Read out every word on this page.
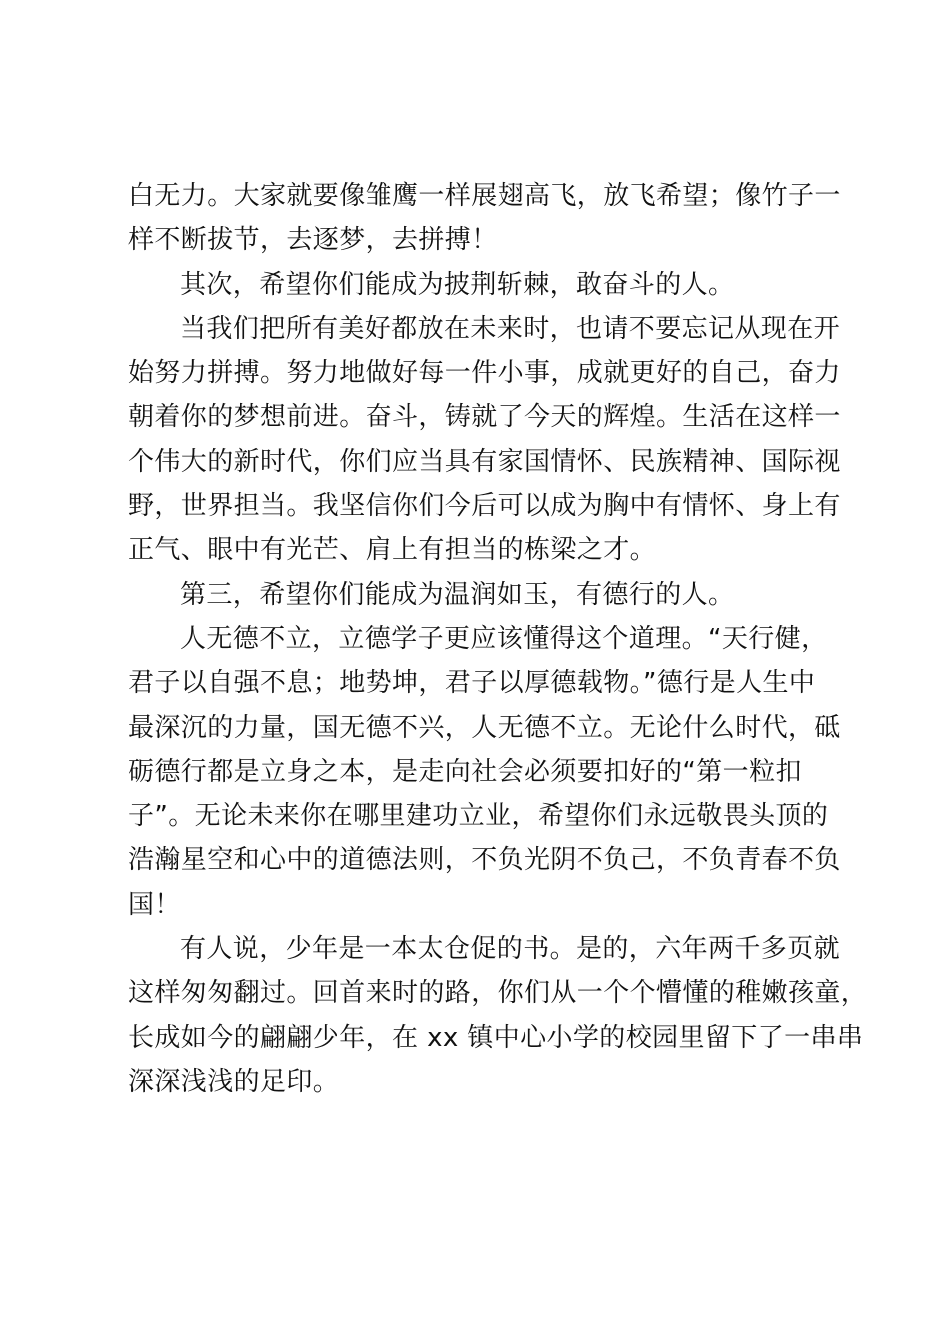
白无力。大家就要像雏鹰一样展翅高飞，放飞希望；像竹子一
样不断拔节，去逐梦，去拼搏！
其次，希望你们能成为披荆斩棘，敢奋斗的人。
当我们把所有美好都放在未来时，也请不要忘记从现在开
始努力拼搏。努力地做好每一件小事，成就更好的自己，奋力
朝着你的梦想前进。奋斗，铸就了今天的辉煌。生活在这样一
个伟大的新时代，你们应当具有家国情怀、民族精神、国际视
野，世界担当。我坚信你们今后可以成为胸中有情怀、身上有
正气、眼中有光芒、肩上有担当的栋梁之才。
第三，希望你们能成为温润如玉，有德行的人。
人无德不立，立德学子更应该懂得这个道理。“天行健，
君子以自强不息；地势坤，君子以厚德载物。”德行是人生中
最深沉的力量，国无德不兴，人无德不立。无论什么时代，砥
砺德行都是立身之本，是走向社会必须要扣好的“第一粒扣
子”。无论未来你在哪里建功立业，希望你们永远敬畏头顶的
浩瀚星空和心中的道德法则，不负光阴不负己，不负青春不负
国！
有人说，少年是一本太仓促的书。是的，六年两千多页就
这样匆匆翻过。回首来时的路，你们从一个个懵懂的稚嫩孩童，
长成如今的翩翩少年，在 xx 镇中心小学的校园里留下了一串串
深深浅浅的足印。
